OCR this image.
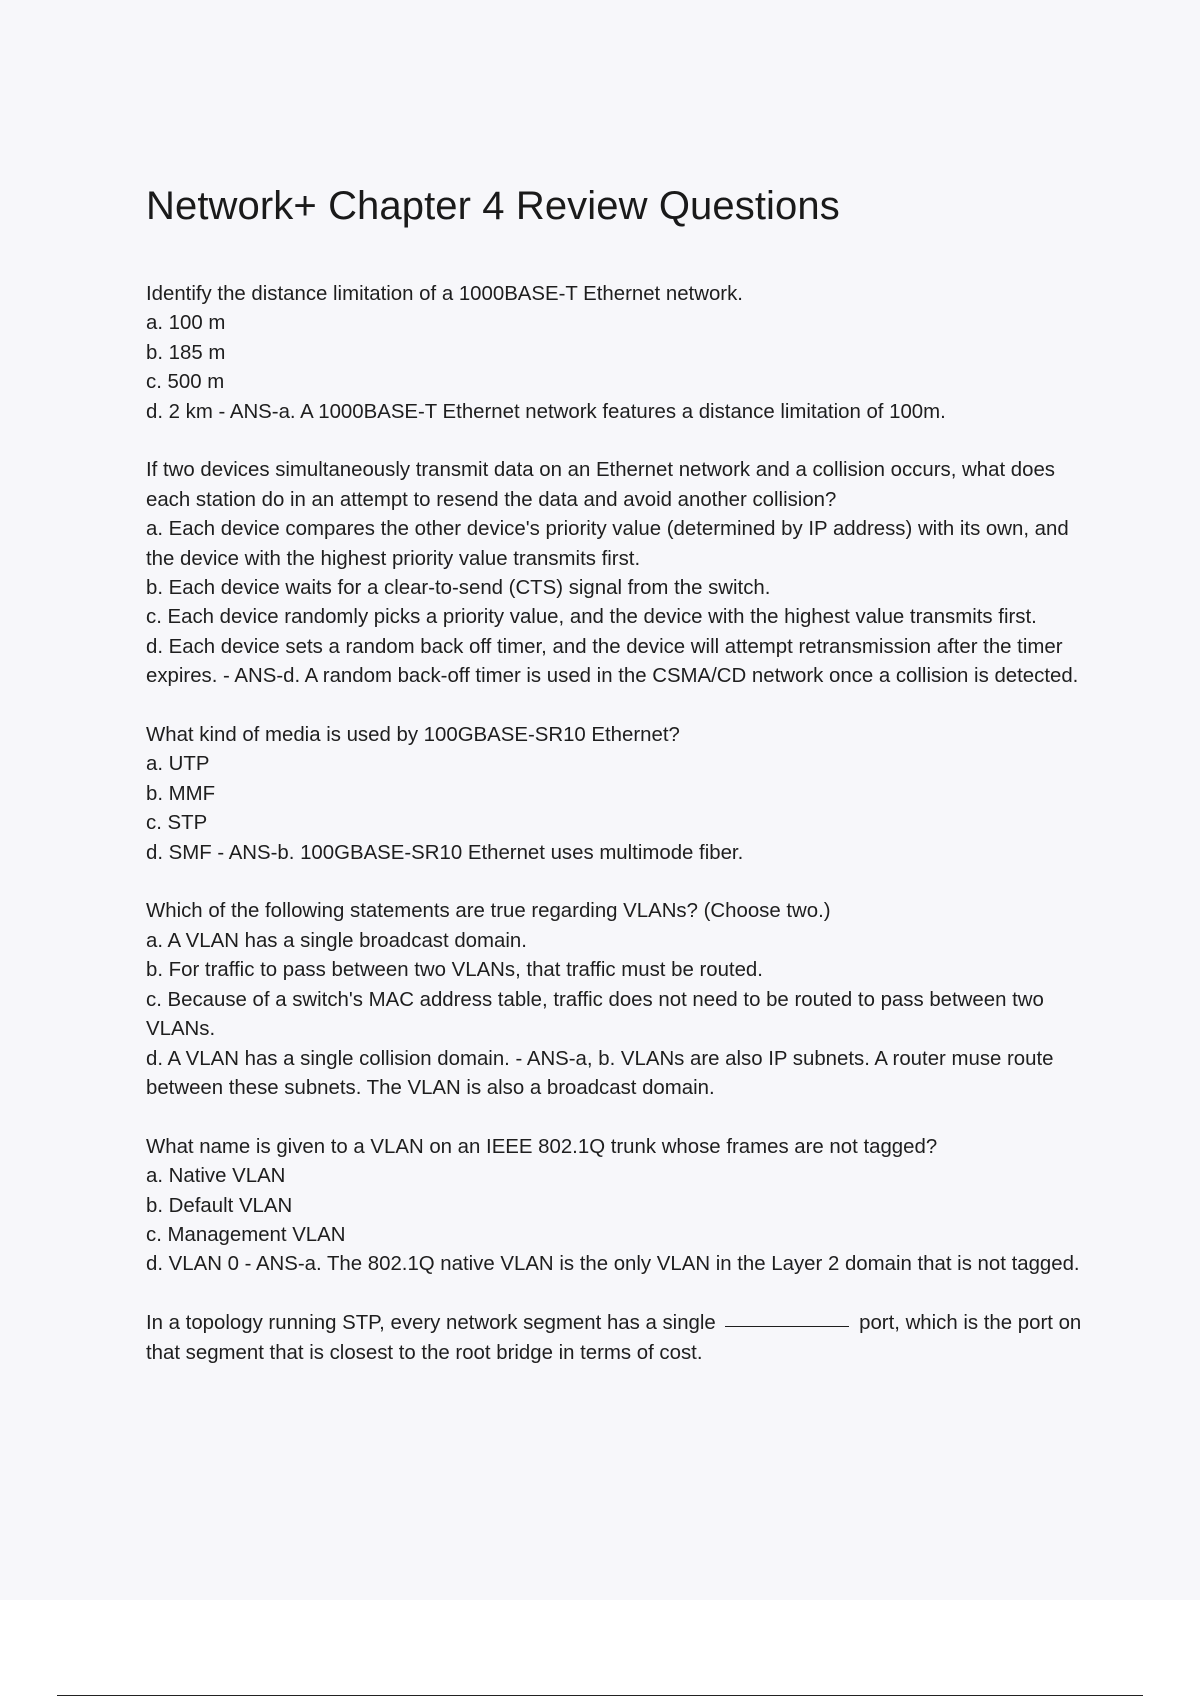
Network+ Chapter 4 Review Questions

Identify the distance limitation of a 1000BASE-T Ethernet network.

a. 100 m

b. 185 m

c. 500 m

d. 2 km - ANS-a. A 1000BASE-T Ethernet network features a distance limitation of 100m.

If two devices simultaneously transmit data on an Ethernet network and a collision occurs, what does each station do in an attempt to resend the data and avoid another collision?

a. Each device compares the other device's priority value (determined by IP address) with its own, and the device with the highest priority value transmits first.

b. Each device waits for a clear-to-send (CTS) signal from the switch.

c. Each device randomly picks a priority value, and the device with the highest value transmits first.

d. Each device sets a random back off timer, and the device will attempt retransmission after the timer expires. - ANS-d. A random back-off timer is used in the CSMA/CD network once a collision is detected.

What kind of media is used by 100GBASE-SR10 Ethernet?

a. UTP

b. MMF

c. STP

d. SMF - ANS-b. 100GBASE-SR10 Ethernet uses multimode fiber.

Which of the following statements are true regarding VLANs? (Choose two.)

a. A VLAN has a single broadcast domain.

b. For traffic to pass between two VLANs, that traffic must be routed.

c. Because of a switch's MAC address table, traffic does not need to be routed to pass between two VLANs.

d. A VLAN has a single collision domain. - ANS-a, b. VLANs are also IP subnets. A router muse route between these subnets. The VLAN is also a broadcast domain.

What name is given to a VLAN on an IEEE 802.1Q trunk whose frames are not tagged?

a. Native VLAN

b. Default VLAN

c. Management VLAN

d. VLAN 0 - ANS-a. The 802.1Q native VLAN is the only VLAN in the Layer 2 domain that is not tagged.

In a topology running STP, every network segment has a single	port, which is the port on that segment that is closest to the root bridge in terms of cost.
